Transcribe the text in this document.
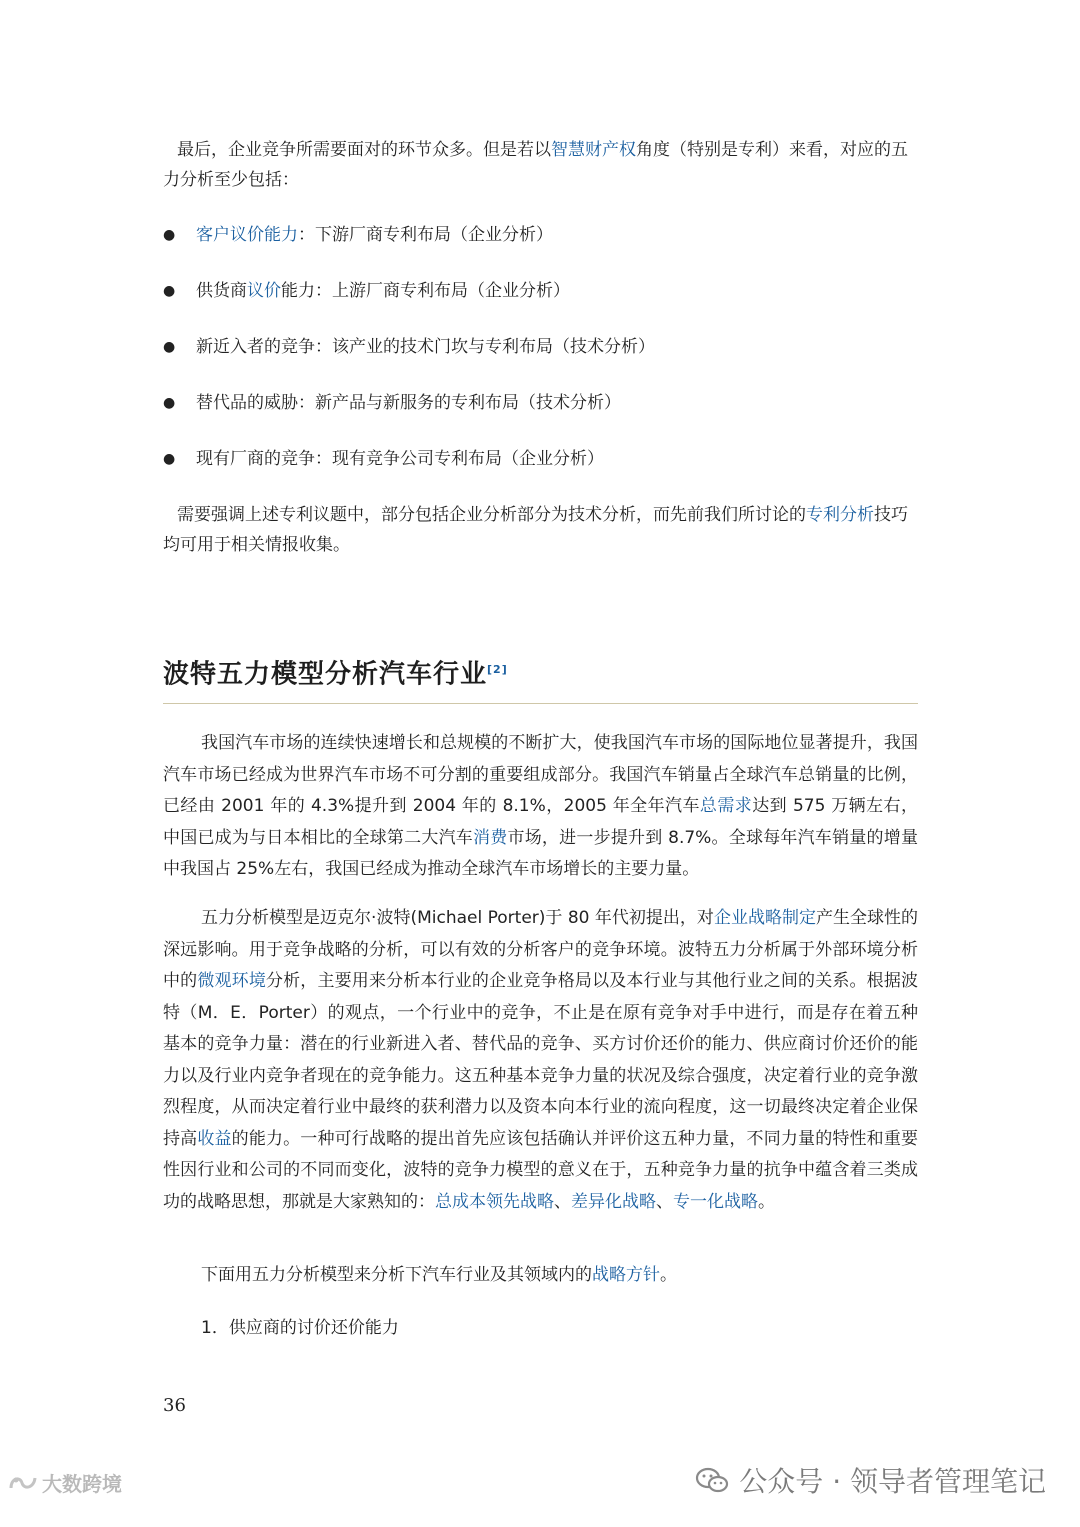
最后，企业竞争所需要面对的环节众多。但是若以智慧财产权角度（特别是专利）来看，对应的五力分析至少包括：

●	客户议价能力：下游厂商专利布局（企业分析）
●	供货商议价能力：上游厂商专利布局（企业分析）
●	新近入者的竞争：该产业的技术门坎与专利布局（技术分析）
●	替代品的威胁：新产品与新服务的专利布局（技术分析）
●	现有厂商的竞争：现有竞争公司专利布局（企业分析）

需要强调上述专利议题中，部分包括企业分析部分为技术分析，而先前我们所讨论的专利分析技巧均可用于相关情报收集。

波特五力模型分析汽车行业[2]

我国汽车市场的连续快速增长和总规模的不断扩大，使我国汽车市场的国际地位显著提升，我国汽车市场已经成为世界汽车市场不可分割的重要组成部分。我国汽车销量占全球汽车总销量的比例，已经由 2001 年的 4.3%提升到 2004 年的 8.1%，2005 年全年汽车总需求达到 575 万辆左右，中国已成为与日本相比的全球第二大汽车消费市场，进一步提升到 8.7%。全球每年汽车销量的增量中我国占 25%左右，我国已经成为推动全球汽车市场增长的主要力量。

五力分析模型是迈克尔·波特(Michael Porter)于 80 年代初提出，对企业战略制定产生全球性的深远影响。用于竞争战略的分析，可以有效的分析客户的竞争环境。波特五力分析属于外部环境分析中的微观环境分析，主要用来分析本行业的企业竞争格局以及本行业与其他行业之间的关系。根据波特（M．E．Porter）的观点，一个行业中的竞争，不止是在原有竞争对手中进行，而是存在着五种基本的竞争力量：潜在的行业新进入者、替代品的竞争、买方讨价还价的能力、供应商讨价还价的能力以及行业内竞争者现在的竞争能力。这五种基本竞争力量的状况及综合强度，决定着行业的竞争激烈程度，从而决定着行业中最终的获利潜力以及资本向本行业的流向程度，这一切最终决定着企业保持高收益的能力。一种可行战略的提出首先应该包括确认并评价这五种力量，不同力量的特性和重要性因行业和公司的不同而变化，波特的竞争力模型的意义在于，五种竞争力量的抗争中蕴含着三类成功的战略思想，那就是大家熟知的：总成本领先战略、差异化战略、专一化战略。

下面用五力分析模型来分析下汽车行业及其领域内的战略方针。

1．供应商的讨价还价能力

36
大数跨境	公众号 · 领导者管理笔记
